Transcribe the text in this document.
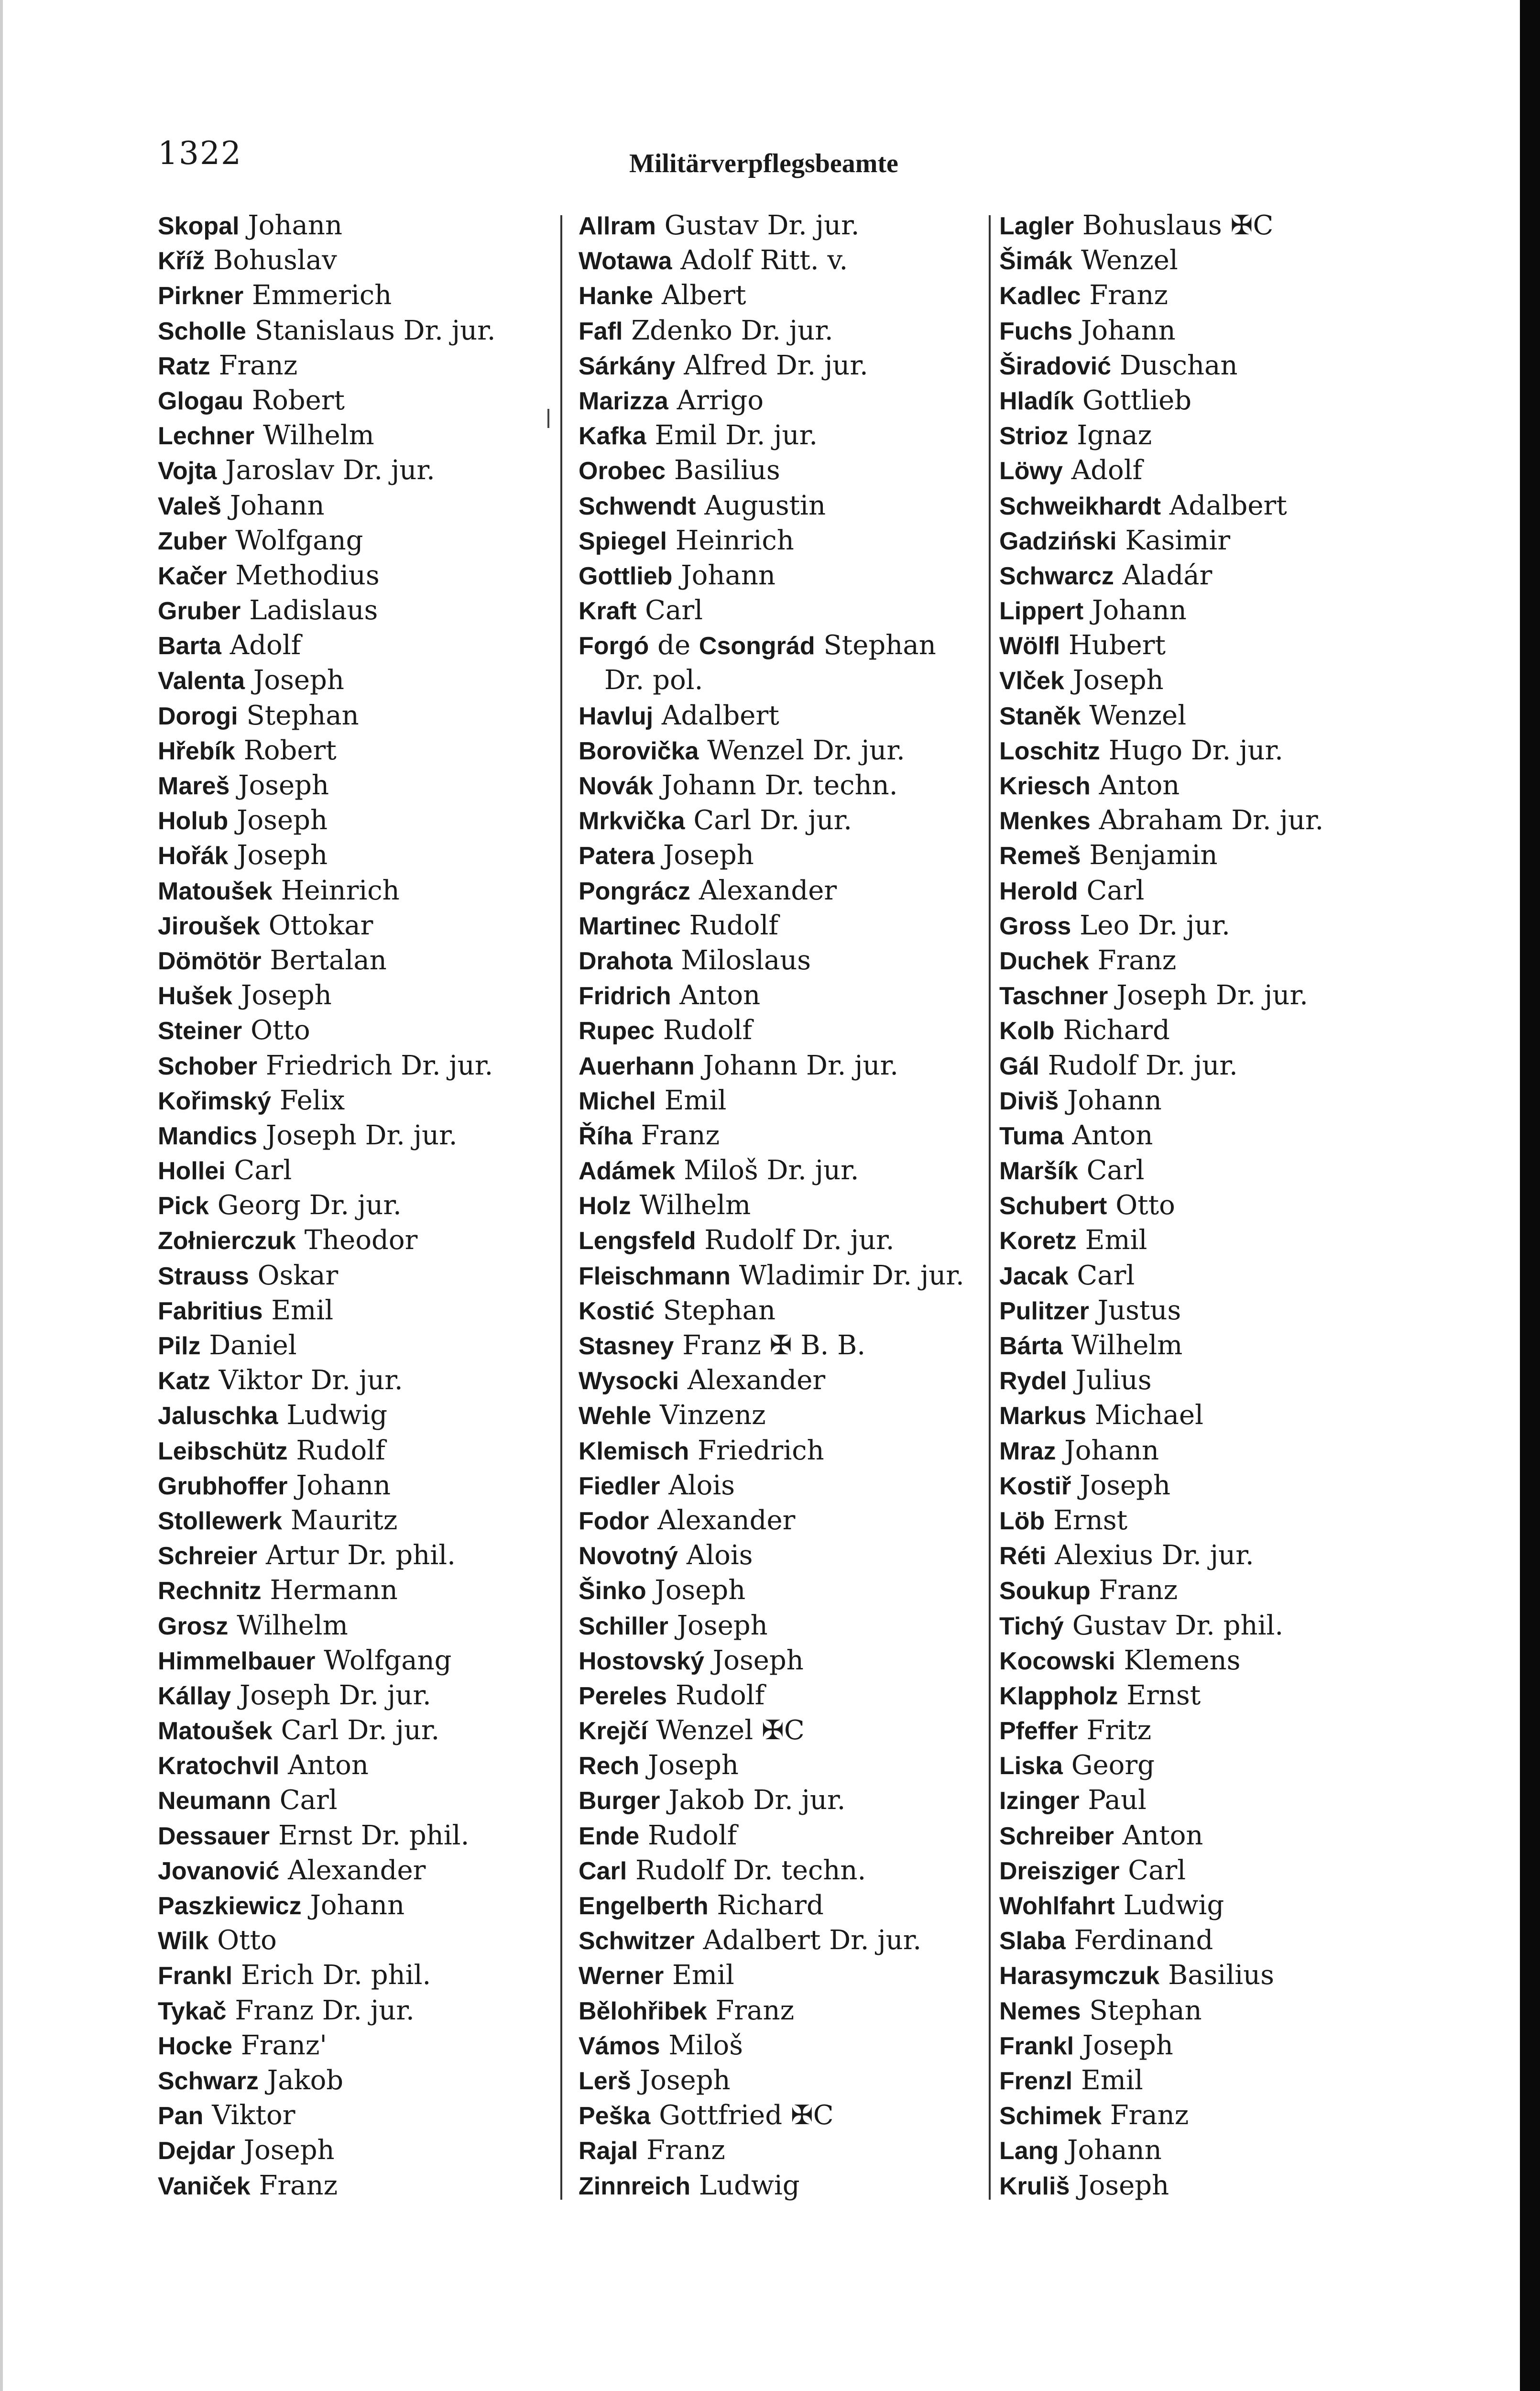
1322	Militärverpflegsbeamte
Skopal Johann
Kříž Bohuslav
Pirkner Emmerich
Scholle Stanislaus Dr. jur.
Ratz Franz
Glogau Robert
Lechner Wilhelm
Vojta Jaroslav Dr. jur.
Valeš Johann
Zuber Wolfgang
Kačer Methodius
Gruber Ladislaus
Barta Adolf
Valenta Joseph
Dorogi Stephan
Hřebík Robert
Mareš Joseph
Holub Joseph
Hořák Joseph
Matoušek Heinrich
Jiroušek Ottokar
Dömötör Bertalan
Hušek Joseph
Steiner Otto
Schober Friedrich Dr. jur.
Kořimský Felix
Mandics Joseph Dr. jur.
Hollei Carl
Pick Georg Dr. jur.
Zołnierczuk Theodor
Strauss Oskar
Fabritius Emil
Pilz Daniel
Katz Viktor Dr. jur.
Jaluschka Ludwig
Leibschütz Rudolf
Grubhoffer Johann
Stollewerk Mauritz
Schreier Artur Dr. phil.
Rechnitz Hermann
Grosz Wilhelm
Himmelbauer Wolfgang
Kállay Joseph Dr. jur.
Matoušek Carl Dr. jur.
Kratochvil Anton
Neumann Carl
Dessauer Ernst Dr. phil.
Jovanović Alexander
Paszkiewicz Johann
Wilk Otto
Frankl Erich Dr. phil.
Tykač Franz Dr. jur.
Hocke Franz'
Schwarz Jakob
Pan Viktor
Dejdar Joseph
Vaniček Franz
Allram Gustav Dr. jur.
Wotawa Adolf Ritt. v.
Hanke Albert
Fafl Zdenko Dr. jur.
Sárkány Alfred Dr. jur.
Marizza Arrigo
Kafka Emil Dr. jur.
Orobec Basilius
Schwendt Augustin
Spiegel Heinrich
Gottlieb Johann
Kraft Carl
Forgó de Csongrád Stephan
Dr. pol.
Havluj Adalbert
Borovička Wenzel Dr. jur.
Novák Johann Dr. techn.
Mrkvička Carl Dr. jur.
Patera Joseph
Pongrácz Alexander
Martinec Rudolf
Drahota Miloslaus
Fridrich Anton
Rupec Rudolf
Auerhann Johann Dr. jur.
Michel Emil
Říha Franz
Adámek Miloš Dr. jur.
Holz Wilhelm
Lengsfeld Rudolf Dr. jur.
Fleischmann Wladimir Dr. jur.
Kostić Stephan
Stasney Franz ✠ B. B.
Wysocki Alexander
Wehle Vinzenz
Klemisch Friedrich
Fiedler Alois
Fodor Alexander
Novotný Alois
Šinko Joseph
Schiller Joseph
Hostovský Joseph
Pereles Rudolf
Krejčí Wenzel ✠C
Rech Joseph
Burger Jakob Dr. jur.
Ende Rudolf
Carl Rudolf Dr. techn.
Engelberth Richard
Schwitzer Adalbert Dr. jur.
Werner Emil
Bělohřibek Franz
Vámos Miloš
Lerš Joseph
Peška Gottfried ✠C
Rajal Franz
Zinnreich Ludwig
Lagler Bohuslaus ✠C
Šimák Wenzel
Kadlec Franz
Fuchs Johann
Širadović Duschan
Hladík Gottlieb
Strioz Ignaz
Löwy Adolf
Schweikhardt Adalbert
Gadziński Kasimir
Schwarcz Aladár
Lippert Johann
Wölfl Hubert
Vlček Joseph
Staněk Wenzel
Loschitz Hugo Dr. jur.
Kriesch Anton
Menkes Abraham Dr. jur.
Remeš Benjamin
Herold Carl
Gross Leo Dr. jur.
Duchek Franz
Taschner Joseph Dr. jur.
Kolb Richard
Gál Rudolf Dr. jur.
Diviš Johann
Tuma Anton
Maršík Carl
Schubert Otto
Koretz Emil
Jacak Carl
Pulitzer Justus
Bárta Wilhelm
Rydel Julius
Markus Michael
Mraz Johann
Kostiř Joseph
Löb Ernst
Réti Alexius Dr. jur.
Soukup Franz
Tichý Gustav Dr. phil.
Kocowski Klemens
Klappholz Ernst
Pfeffer Fritz
Liska Georg
Izinger Paul
Schreiber Anton
Dreisziger Carl
Wohlfahrt Ludwig
Slaba Ferdinand
Harasymczuk Basilius
Nemes Stephan
Frankl Joseph
Frenzl Emil
Schimek Franz
Lang Johann
Kruliš Joseph
